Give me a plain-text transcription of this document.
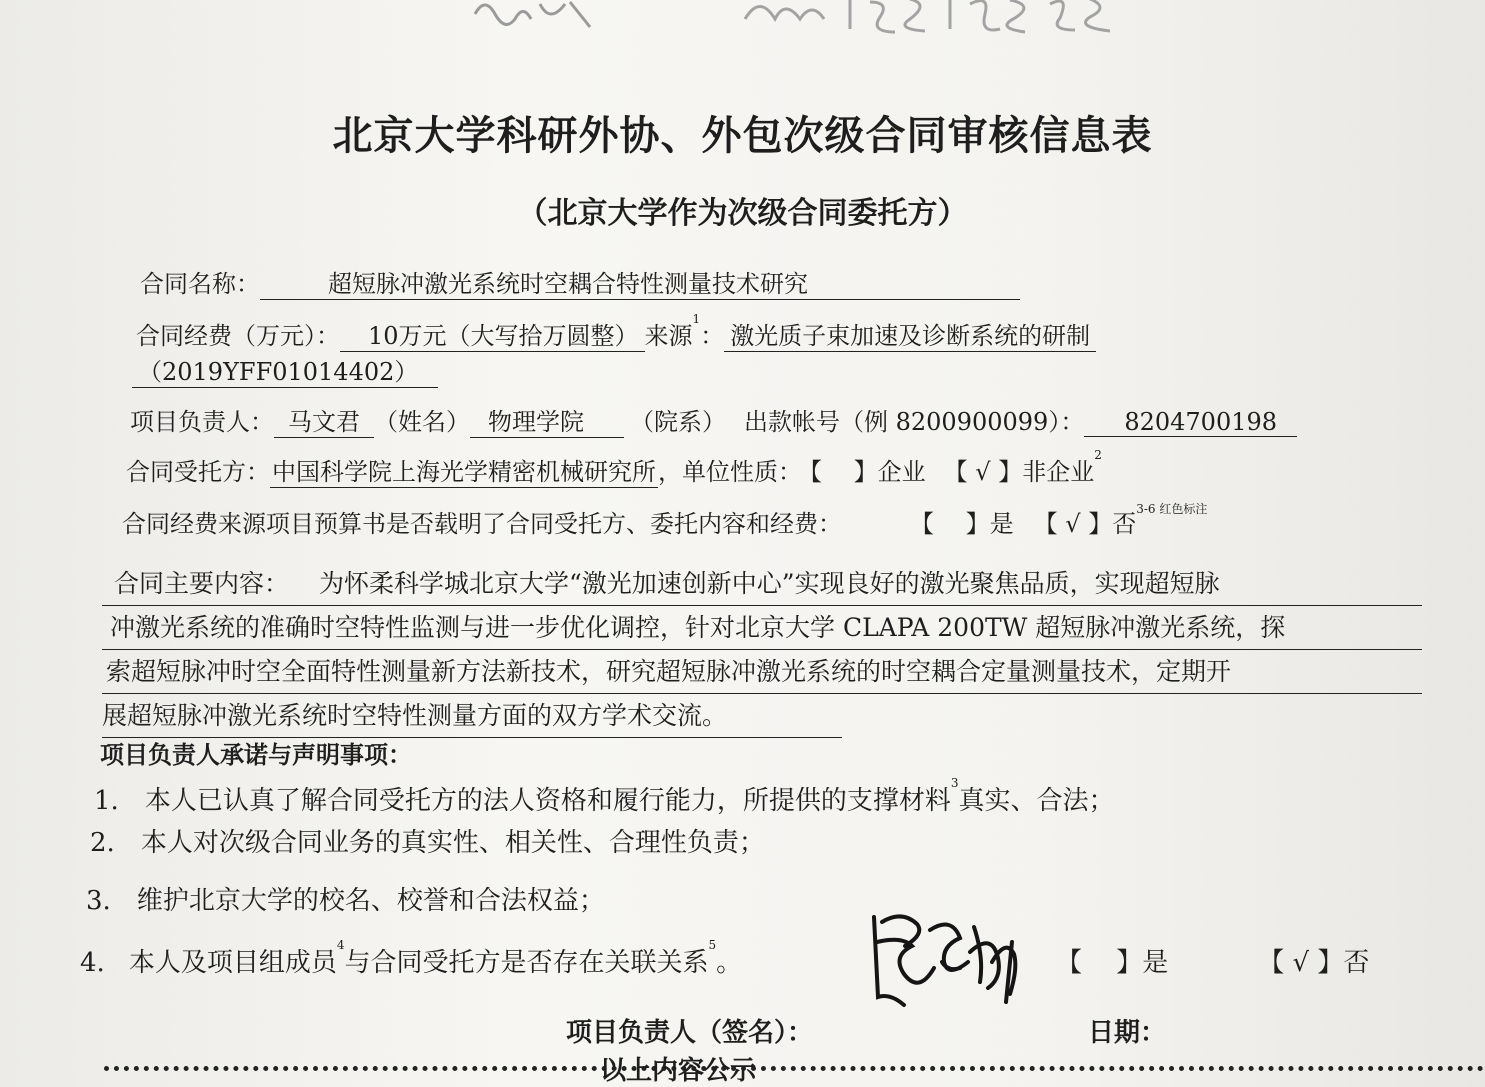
北京大学科研外协、外包次级合同审核信息表
（北京大学作为次级合同委托方）
合同名称：	超短脉冲激光系统时空耦合特性测量技术研究
合同经费（万元）： 10万元（大写拾万圆整） 来源$^1$： 激光质子束加速及诊断系统的研制
（2019YFF01014402）
项目负责人： 马文君 （姓名） 物理学院 （院系） 出款帐号（例 8200900099）： 8204700198
合同受托方：中国科学院上海光学精密机械研究所，单位性质： 【　 】企业 【 √ 】非企业$^2$
合同经费来源项目预算书是否载明了合同受托方、委托内容和经费：	【　 】是 【 √ 】否$^{3-6 红色标注}$
合同主要内容： 为怀柔科学城北京大学“激光加速创新中心”实现良好的激光聚焦品质，实现超短脉
冲激光系统的准确时空特性监测与进一步优化调控，针对北京大学 CLAPA 200TW 超短脉冲激光系统，探
索超短脉冲时空全面特性测量新方法新技术，研究超短脉冲激光系统的时空耦合定量测量技术，定期开
展超短脉冲激光系统时空特性测量方面的双方学术交流。
项目负责人承诺与声明事项：
1. 本人已认真了解合同受托方的法人资格和履行能力，所提供的支撑材料$^3$真实、合法；
2. 本人对次级合同业务的真实性、相关性、合理性负责；
3. 维护北京大学的校名、校誉和合法权益；
4. 本人及项目组成员$^4$与合同受托方是否存在关联关系$^5$。	【　 】是	【 √ 】否
项目负责人（签名）：	日期：
以上内容公示
